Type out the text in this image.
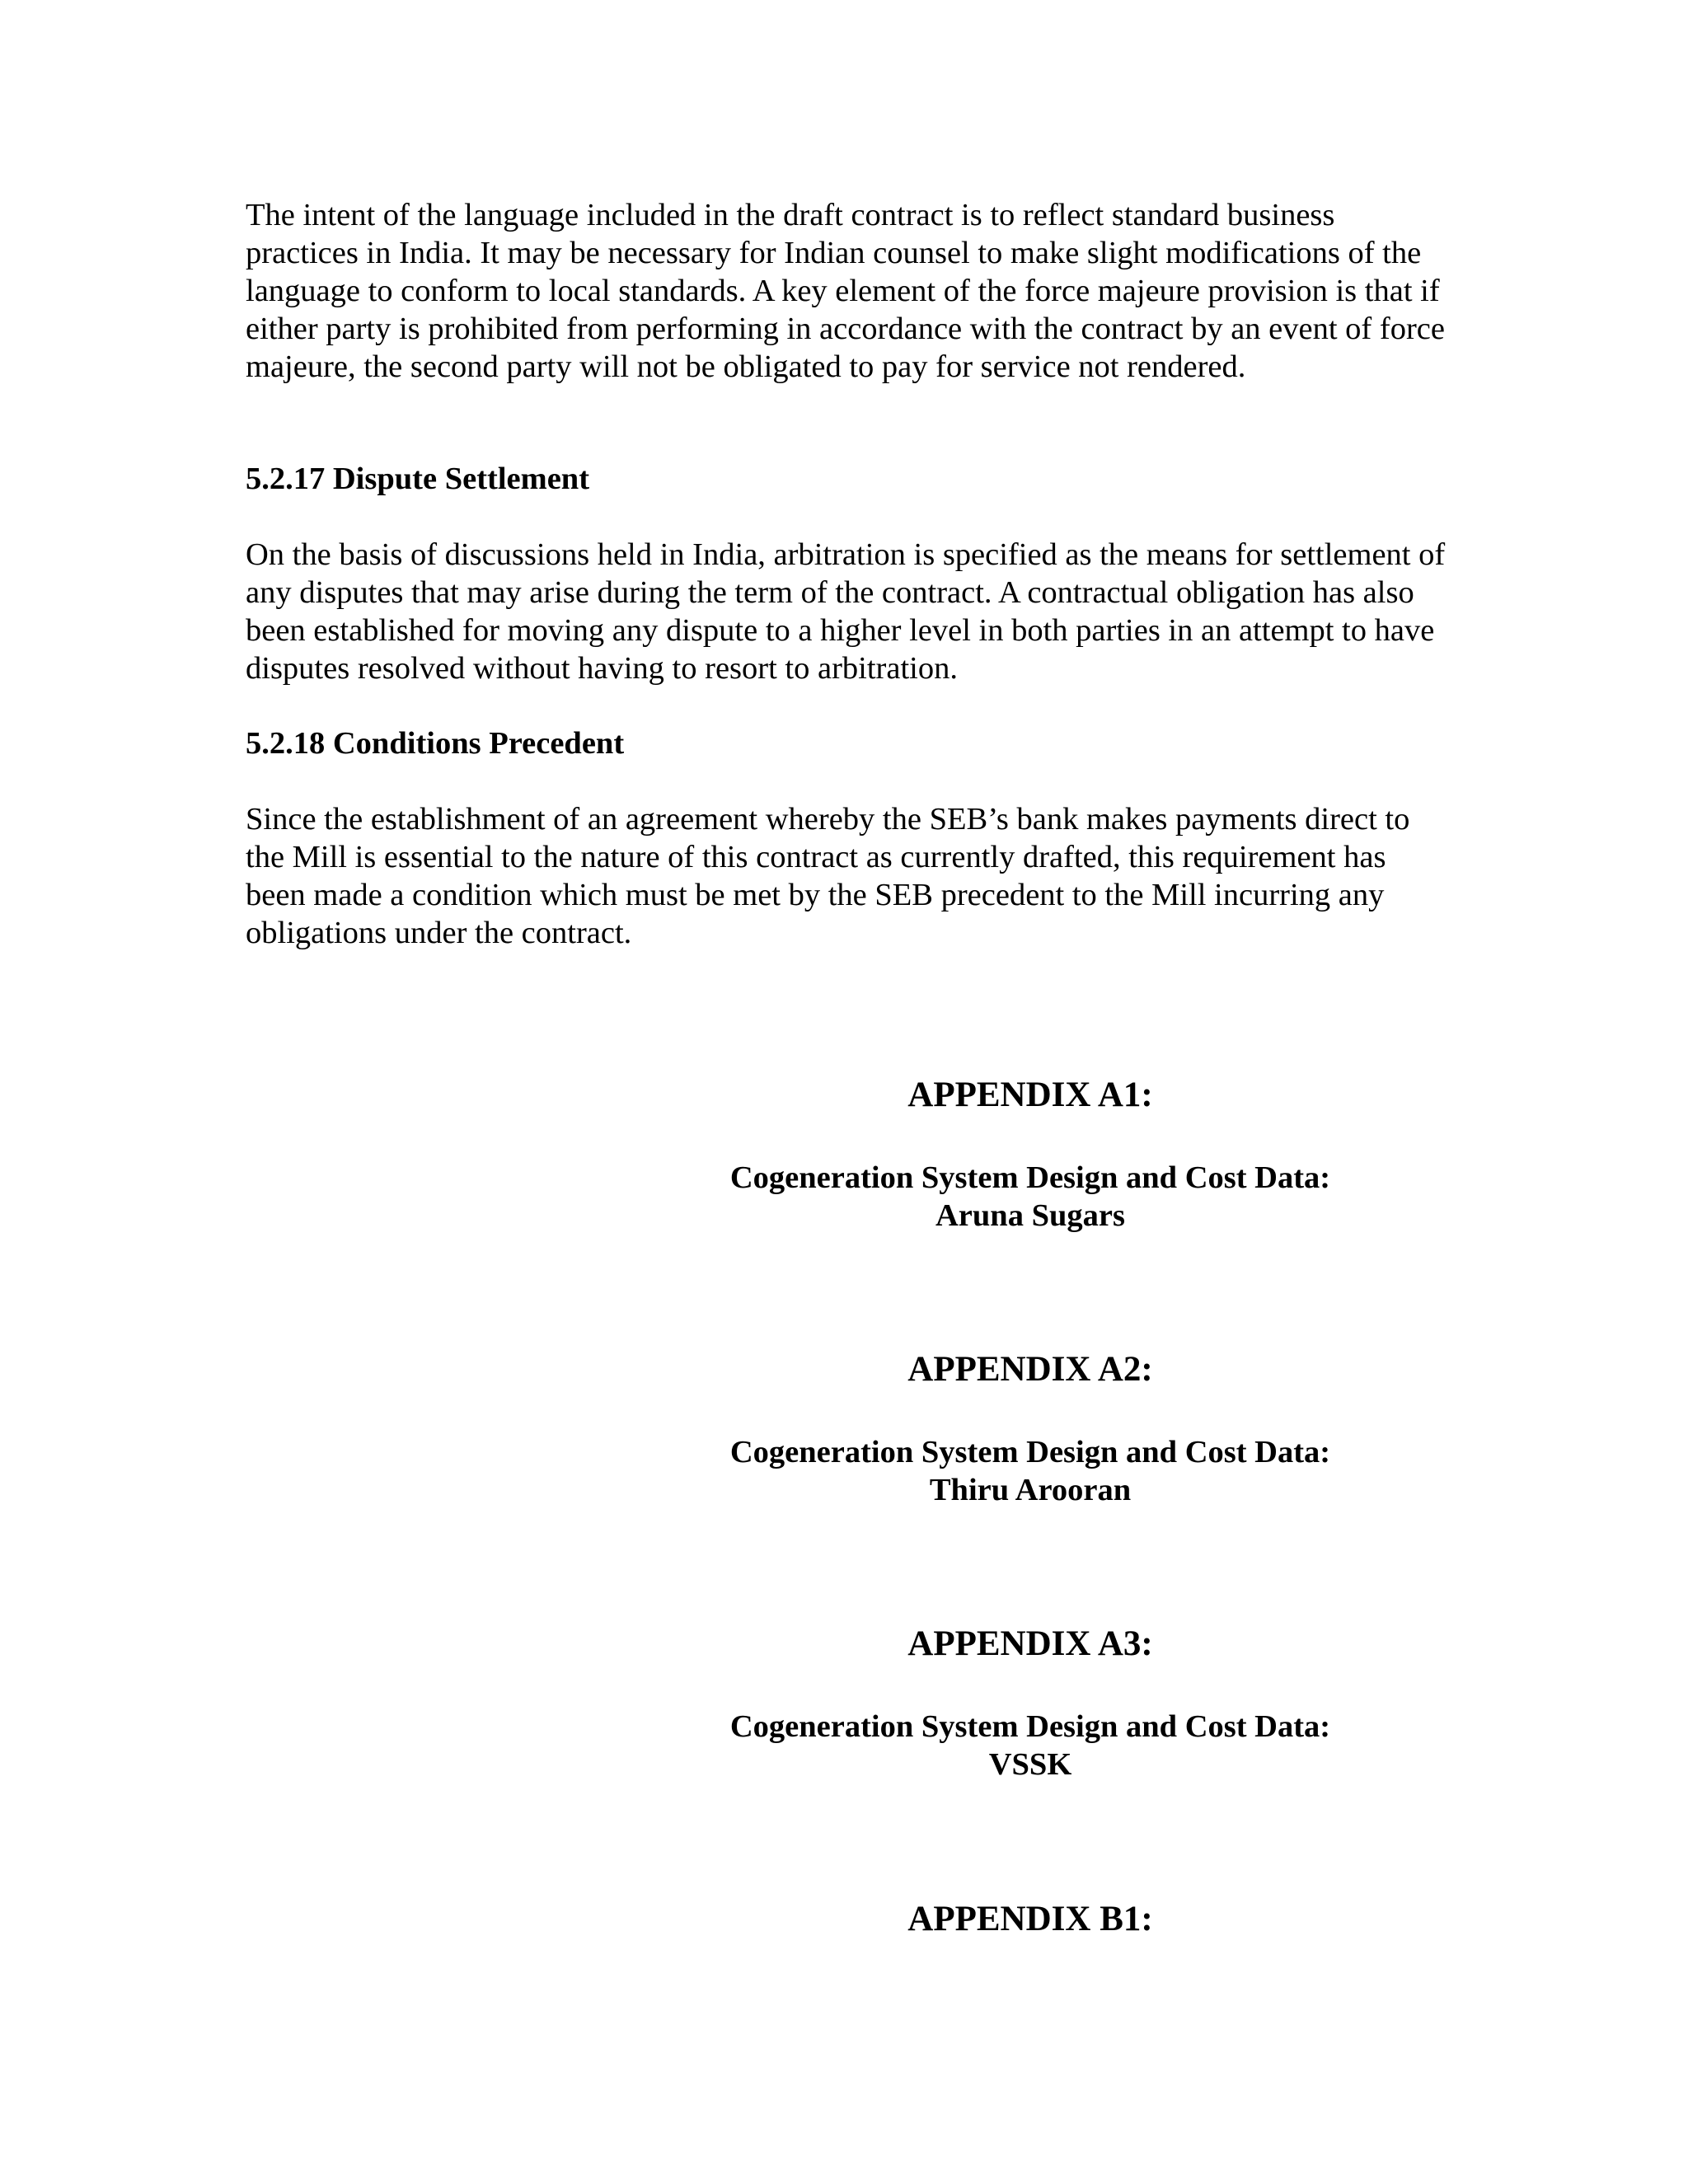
The intent of the language included in the draft contract is to reflect standard business practices in India. It may be necessary for Indian counsel to make slight modifications of the language to conform to local standards. A key element of the force majeure provision is that if either party is prohibited from performing in accordance with the contract by an event of force majeure, the second party will not be obligated to pay for service not rendered.

5.2.17 Dispute Settlement

On the basis of discussions held in India, arbitration is specified as the means for settlement of any disputes that may arise during the term of the contract. A contractual obligation has also been established for moving any dispute to a higher level in both parties in an attempt to have disputes resolved without having to resort to arbitration.

5.2.18 Conditions Precedent

Since the establishment of an agreement whereby the SEB’s bank makes payments direct to the Mill is essential to the nature of this contract as currently drafted, this requirement has been made a condition which must be met by the SEB precedent to the Mill incurring any obligations under the contract.

APPENDIX A1:

Cogeneration System Design and Cost Data:

Aruna Sugars

APPENDIX A2:

Cogeneration System Design and Cost Data:

Thiru Arooran

APPENDIX A3:

Cogeneration System Design and Cost Data:

VSSK

APPENDIX B1:
